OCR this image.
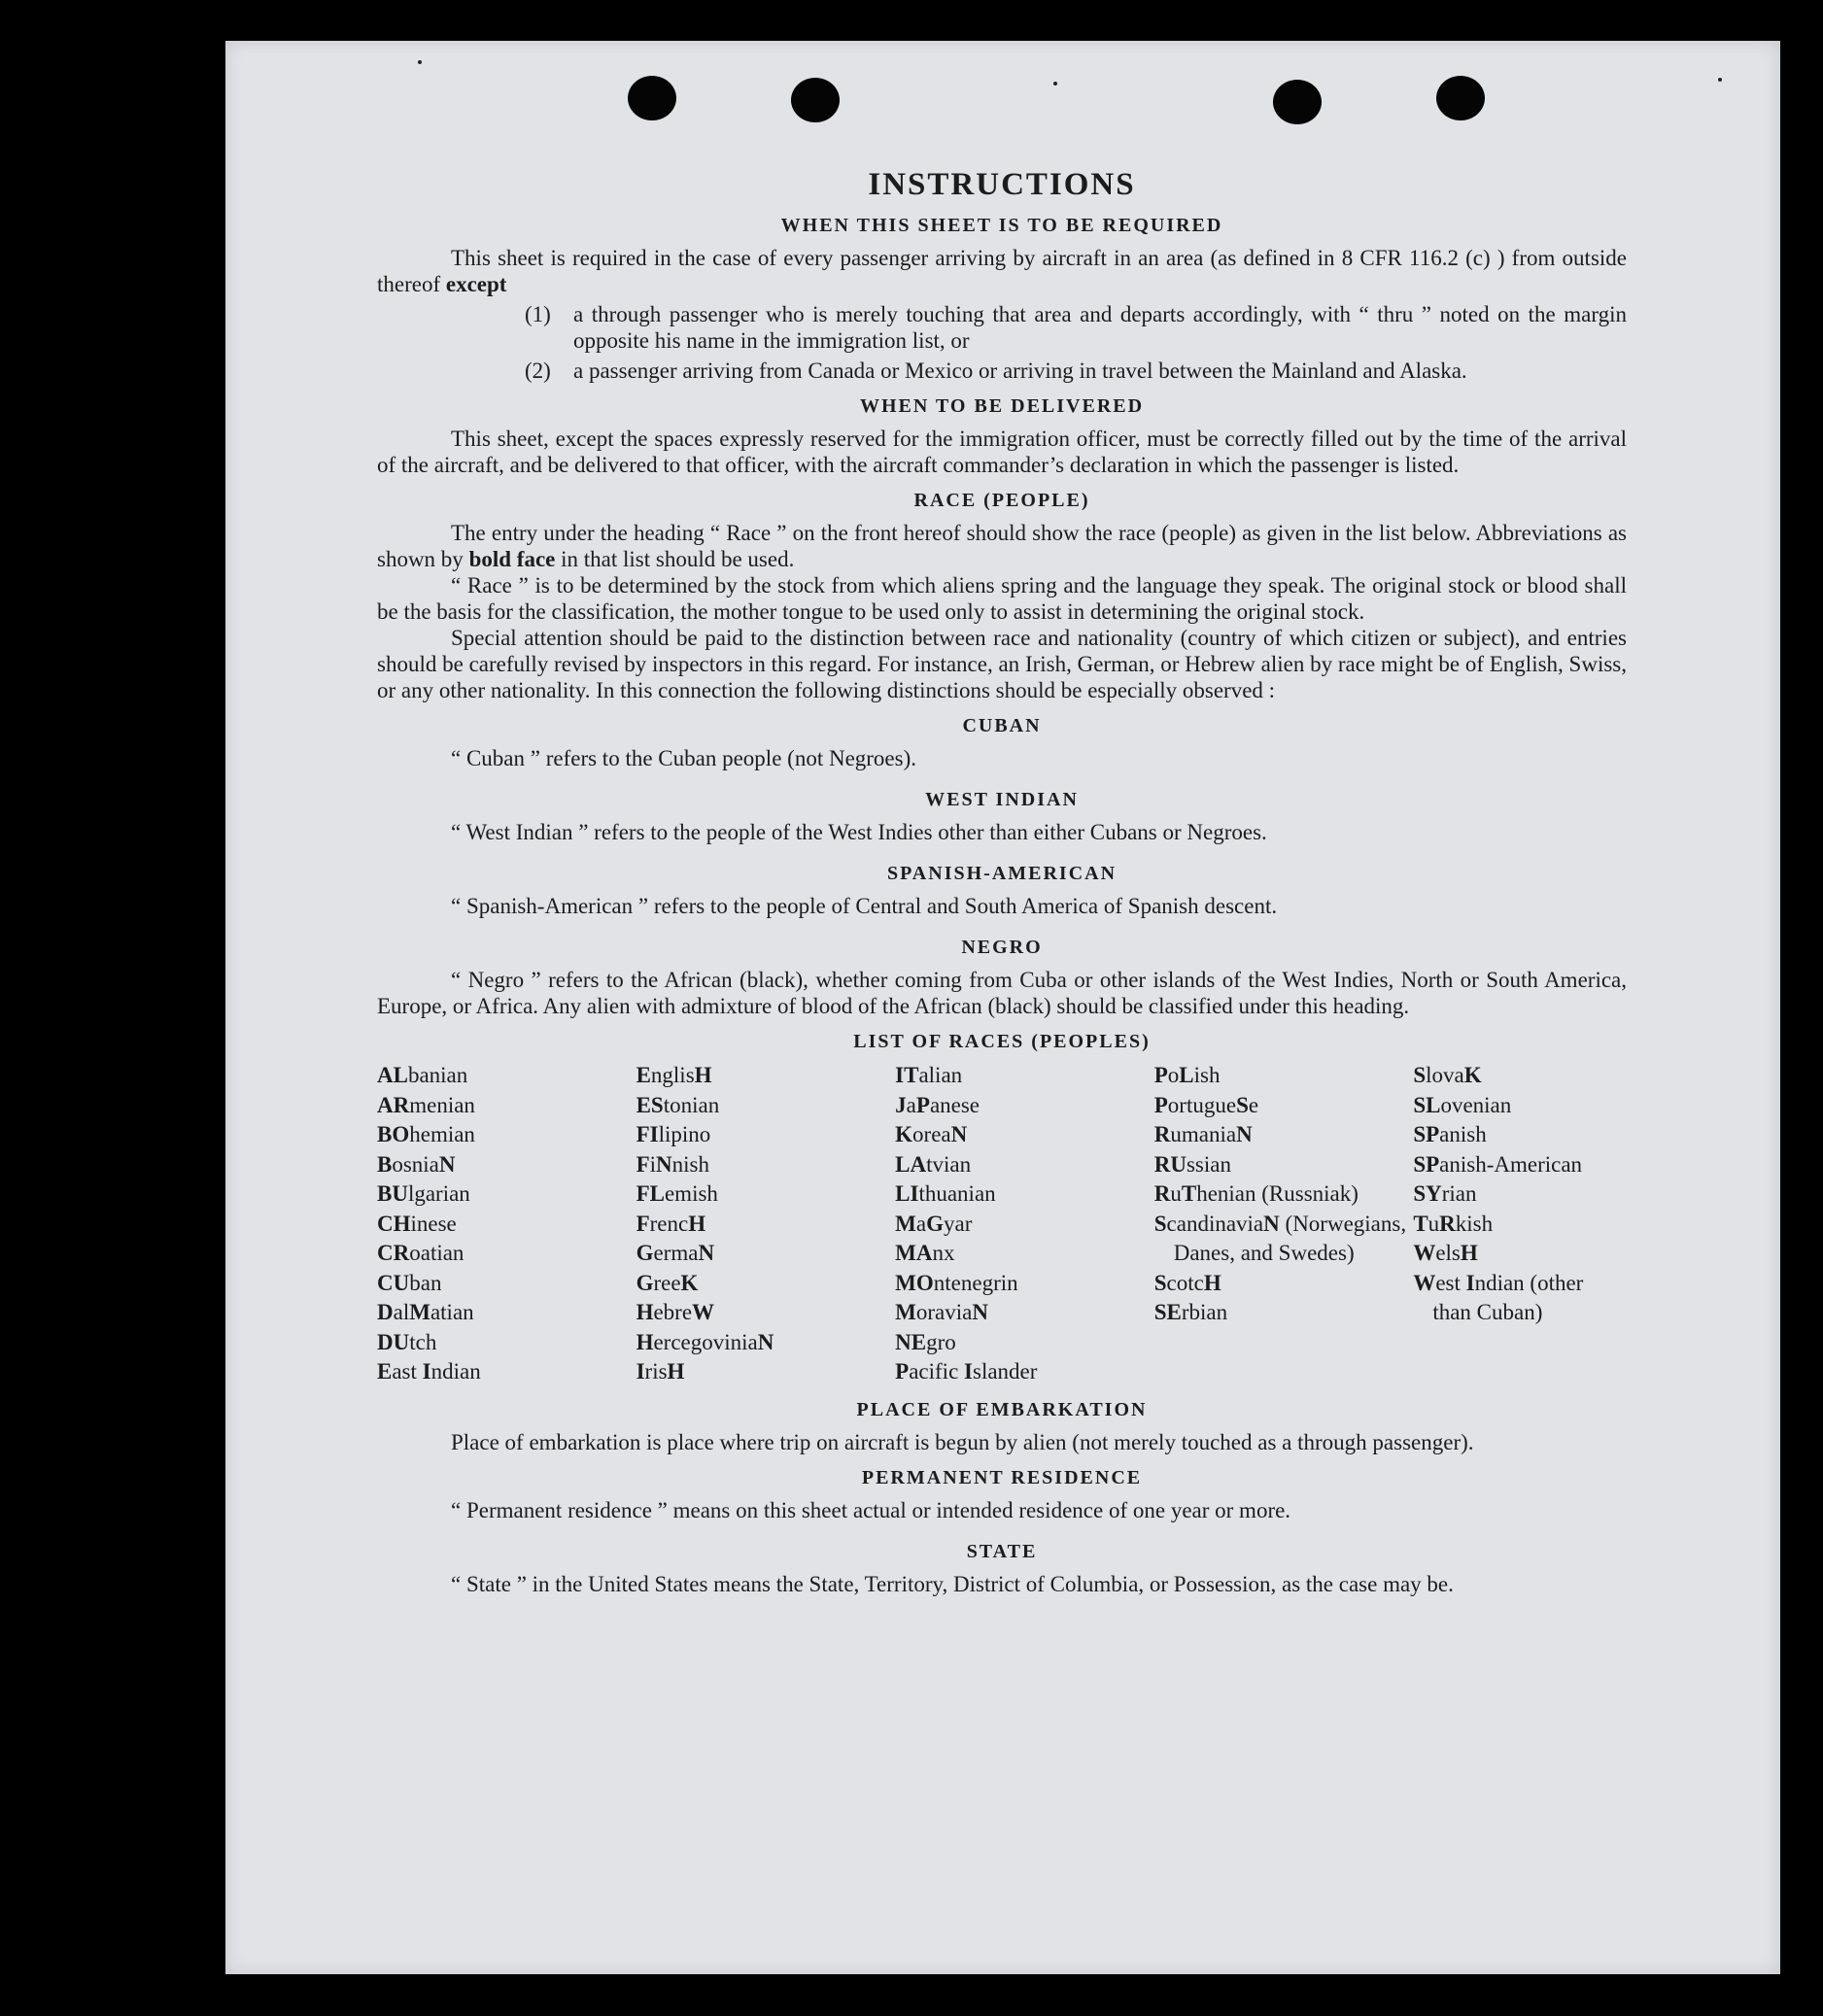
INSTRUCTIONS
WHEN THIS SHEET IS TO BE REQUIRED

This sheet is required in the case of every passenger arriving by aircraft in an area (as defined in 8 CFR 116.2 (c) ) from outside thereof except

(1)	a through passenger who is merely touching that area and departs accordingly, with “ thru ” noted on the margin opposite his name in the immigration list, or
(2)	a passenger arriving from Canada or Mexico or arriving in travel between the Mainland and Alaska.
WHEN TO BE DELIVERED

This sheet, except the spaces expressly reserved for the immigration officer, must be correctly filled out by the time of the arrival of the aircraft, and be delivered to that officer, with the aircraft commander’s declaration in which the passenger is listed.

RACE (PEOPLE)

The entry under the heading “ Race ” on the front hereof should show the race (people) as given in the list below. Abbreviations as shown by bold face in that list should be used.

“ Race ” is to be determined by the stock from which aliens spring and the language they speak. The original stock or blood shall be the basis for the classification, the mother tongue to be used only to assist in determining the original stock.

Special attention should be paid to the distinction between race and nationality (country of which citizen or subject), and entries should be carefully revised by inspectors in this regard. For instance, an Irish, German, or Hebrew alien by race might be of English, Swiss, or any other nationality. In this connection the following distinctions should be especially observed :

CUBAN

“ Cuban ” refers to the Cuban people (not Negroes).

WEST INDIAN

“ West Indian ” refers to the people of the West Indies other than either Cubans or Negroes.

SPANISH-AMERICAN

“ Spanish-American ” refers to the people of Central and South America of Spanish descent.

NEGRO

“ Negro ” refers to the African (black), whether coming from Cuba or other islands of the West Indies, North or South America, Europe, or Africa. Any alien with admixture of blood of the African (black) should be classified under this heading.

LIST OF RACES (PEOPLES)
ALbanian
ARmenian
BOhemian
BosniaN
BUlgarian
CHinese
CRoatian
CUban
DalMatian
DUtch
East Indian
EnglisH
EStonian
FIlipino
FiNnish
FLemish
FrencH
GermaN
GreeK
HebreW
HercegoviniaN
IrisH
ITalian
JaPanese
KoreaN
LAtvian
LIthuanian
MaGyar
MAnx
MOntenegrin
MoraviaN
NEgro
Pacific Islander
PoLish
PortugueSe
RumaniaN
RUssian
RuThenian (Russniak)
ScandinaviaN (Norwegians, Danes, and Swedes)
ScotcH
SErbian
SlovaK
SLovenian
SPanish
SPanish-American
SYrian
TuRkish
WelsH
West Indian (other than Cuban)
PLACE OF EMBARKATION

Place of embarkation is place where trip on aircraft is begun by alien (not merely touched as a through passenger).

PERMANENT RESIDENCE

“ Permanent residence ” means on this sheet actual or intended residence of one year or more.

STATE

“ State ” in the United States means the State, Territory, District of Columbia, or Possession, as the case may be.
